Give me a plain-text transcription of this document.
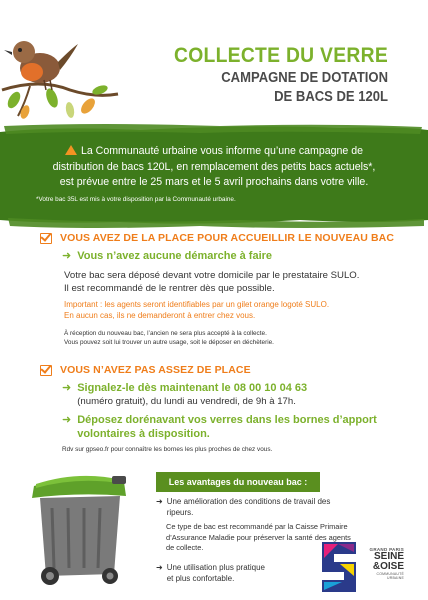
COLLECTE DU VERRE
CAMPAGNE DE DOTATION
DE BACS DE 120L
La Communauté urbaine vous informe qu’une campagne de
distribution de bacs 120L, en remplacement des petits bacs actuels*,
est prévue entre le 25 mars et le 5 avril prochains dans votre ville.
*Votre bac 35L est mis à votre disposition par la Communauté urbaine.
VOUS AVEZ DE LA PLACE POUR ACCUEILLIR LE NOUVEAU BAC
➜ Vous n’avez aucune démarche à faire
Votre bac sera déposé devant votre domicile par le prestataire SULO.
Il est recommandé de le rentrer dès que possible.
Important : les agents seront identifiables par un gilet orange logoté SULO.
En aucun cas, ils ne demanderont à entrer chez vous.
À réception du nouveau bac, l’ancien ne sera plus accepté à la collecte.
Vous pouvez soit lui trouver un autre usage, soit le déposer en déchèterie.
VOUS N’AVEZ PAS ASSEZ DE PLACE
➜ Signalez-le dès maintenant le 08 00 10 04 63
(numéro gratuit), du lundi au vendredi, de 9h à 17h.
➜ Déposez dorénavant vos verres dans les bornes d’apport
volontaires à disposition.
Rdv sur gpseo.fr pour connaître les bornes les plus proches de chez vous.
Les avantages du nouveau bac :
➜ Une amélioration des conditions de travail des ripeurs.
Ce type de bac est recommandé par la Caisse Primaire
d’Assurance Maladie pour préserver la santé des agents
de collecte.
➜ Une utilisation plus pratique
et plus confortable.
GRAND PARIS
SEINE
&OISE
COMMUNAUTÉ URBAINE
